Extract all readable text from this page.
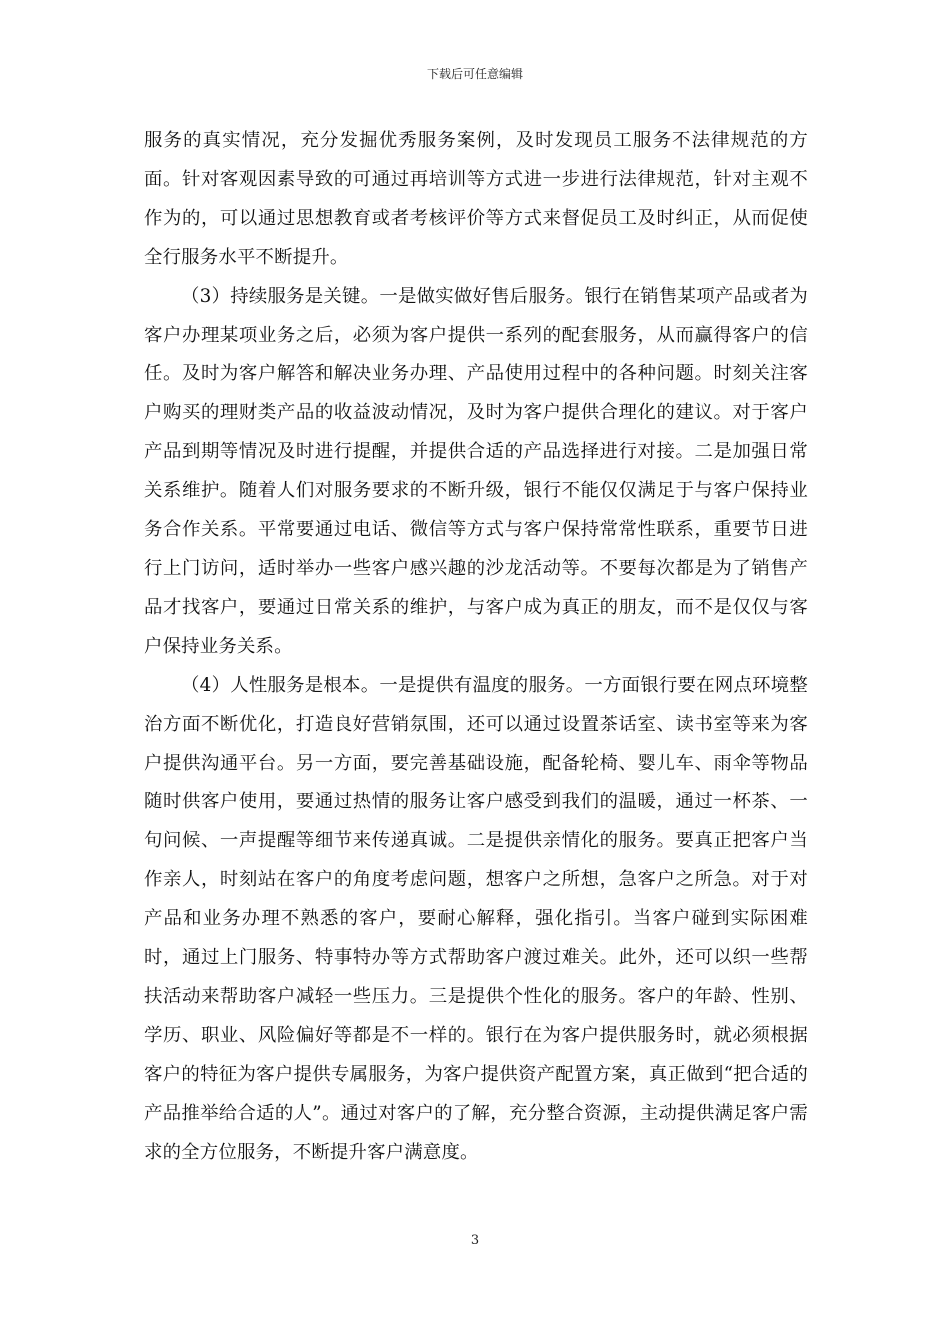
下载后可任意编辑

服务的真实情况，充分发掘优秀服务案例，及时发现员工服务不法律规范的方面。针对客观因素导致的可通过再培训等方式进一步进行法律规范，针对主观不作为的，可以通过思想教育或者考核评价等方式来督促员工及时纠正，从而促使全行服务水平不断提升。

（3）持续服务是关键。一是做实做好售后服务。银行在销售某项产品或者为客户办理某项业务之后，必须为客户提供一系列的配套服务，从而赢得客户的信任。及时为客户解答和解决业务办理、产品使用过程中的各种问题。时刻关注客户购买的理财类产品的收益波动情况，及时为客户提供合理化的建议。对于客户产品到期等情况及时进行提醒，并提供合适的产品选择进行对接。二是加强日常关系维护。随着人们对服务要求的不断升级，银行不能仅仅满足于与客户保持业务合作关系。平常要通过电话、微信等方式与客户保持常常性联系，重要节日进行上门访问，适时举办一些客户感兴趣的沙龙活动等。不要每次都是为了销售产品才找客户，要通过日常关系的维护，与客户成为真正的朋友，而不是仅仅与客户保持业务关系。

（4）人性服务是根本。一是提供有温度的服务。一方面银行要在网点环境整治方面不断优化，打造良好营销氛围，还可以通过设置茶话室、读书室等来为客户提供沟通平台。另一方面，要完善基础设施，配备轮椅、婴儿车、雨伞等物品随时供客户使用，要通过热情的服务让客户感受到我们的温暖，通过一杯茶、一句问候、一声提醒等细节来传递真诚。二是提供亲情化的服务。要真正把客户当作亲人，时刻站在客户的角度考虑问题，想客户之所想，急客户之所急。对于对产品和业务办理不熟悉的客户，要耐心解释，强化指引。当客户碰到实际困难时，通过上门服务、特事特办等方式帮助客户渡过难关。此外，还可以织一些帮扶活动来帮助客户减轻一些压力。三是提供个性化的服务。客户的年龄、性别、学历、职业、风险偏好等都是不一样的。银行在为客户提供服务时，就必须根据客户的特征为客户提供专属服务，为客户提供资产配置方案，真正做到“把合适的产品推举给合适的人”。通过对客户的了解，充分整合资源，主动提供满足客户需求的全方位服务，不断提升客户满意度。

3
